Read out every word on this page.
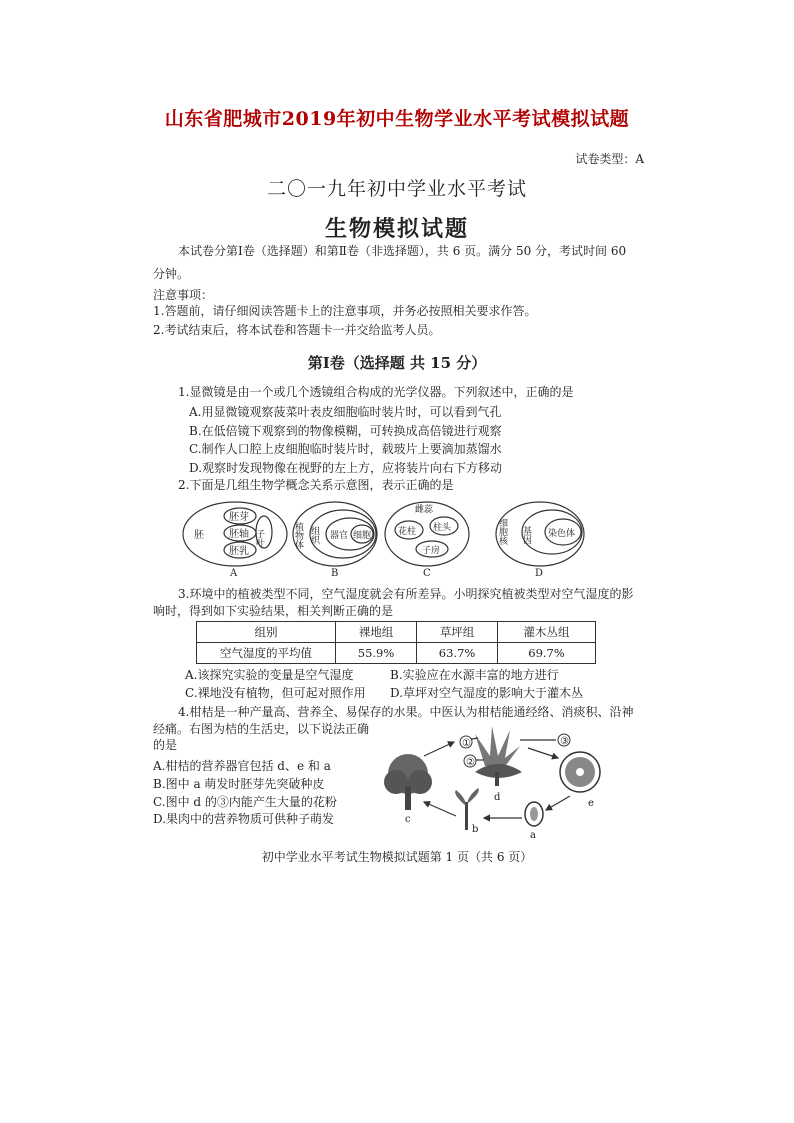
山东省肥城市2019年初中生物学业水平考试模拟试题
试卷类型：A
二〇一九年初中学业水平考试
生物模拟试题
本试卷分第Ⅰ卷（选择题）和第Ⅱ卷（非选择题），共 6 页。满分 50 分，考试时间 60
分钟。
注意事项：
1.答题前，请仔细阅读答题卡上的注意事项，并务必按照相关要求作答。
2.考试结束后，将本试卷和答题卡一并交给监考人员。
第Ⅰ卷（选择题 共 15 分）
1.显微镜是由一个或几个透镜组合构成的光学仪器。下列叙述中，正确的是
A.用显微镜观察菠菜叶表皮细胞临时装片时，可以看到气孔
B.在低倍镜下观察到的物像模糊，可转换成高倍镜进行观察
C.制作人口腔上皮细胞临时装片时，载玻片上要滴加蒸馏水
D.观察时发现物像在视野的左上方，应将装片向右下方移动
2.下面是几组生物学概念关系示意图，表示正确的是
胚
胚芽
胚轴
胚乳
子叶
A
植物体 组织 器官 细胞
B
雌蕊
花柱 柱头
子房
C
细胞核 基因 染色体
D
3.环境中的植被类型不同，空气湿度就会有所差异。小明探究植被类型对空气湿度的影
响时，得到如下实验结果，相关判断正确的是
组别	裸地组	草坪组	灌木丛组
空气湿度的平均值	55.9%	63.7%	69.7%
A.该探究实验的变量是空气湿度	B.实验应在水源丰富的地方进行
C.裸地没有植物，但可起对照作用 D.草坪对空气湿度的影响大于灌木丛
4.柑桔是一种产量高、营养全、易保存的水果。中医认为柑桔能通经络、消痰积、沿神
经痛。右图为桔的生活史，以下说法正确
的是
A.柑桔的营养器官包括 d、e 和 a
B.图中 a 萌发时胚芽先突破种皮
C.图中 d 的③内能产生大量的花粉
D.果肉中的营养物质可供种子萌发
①
②
③
a
b
c
d
e
初中学业水平考试生物模拟试题第 1 页（共 6 页）
